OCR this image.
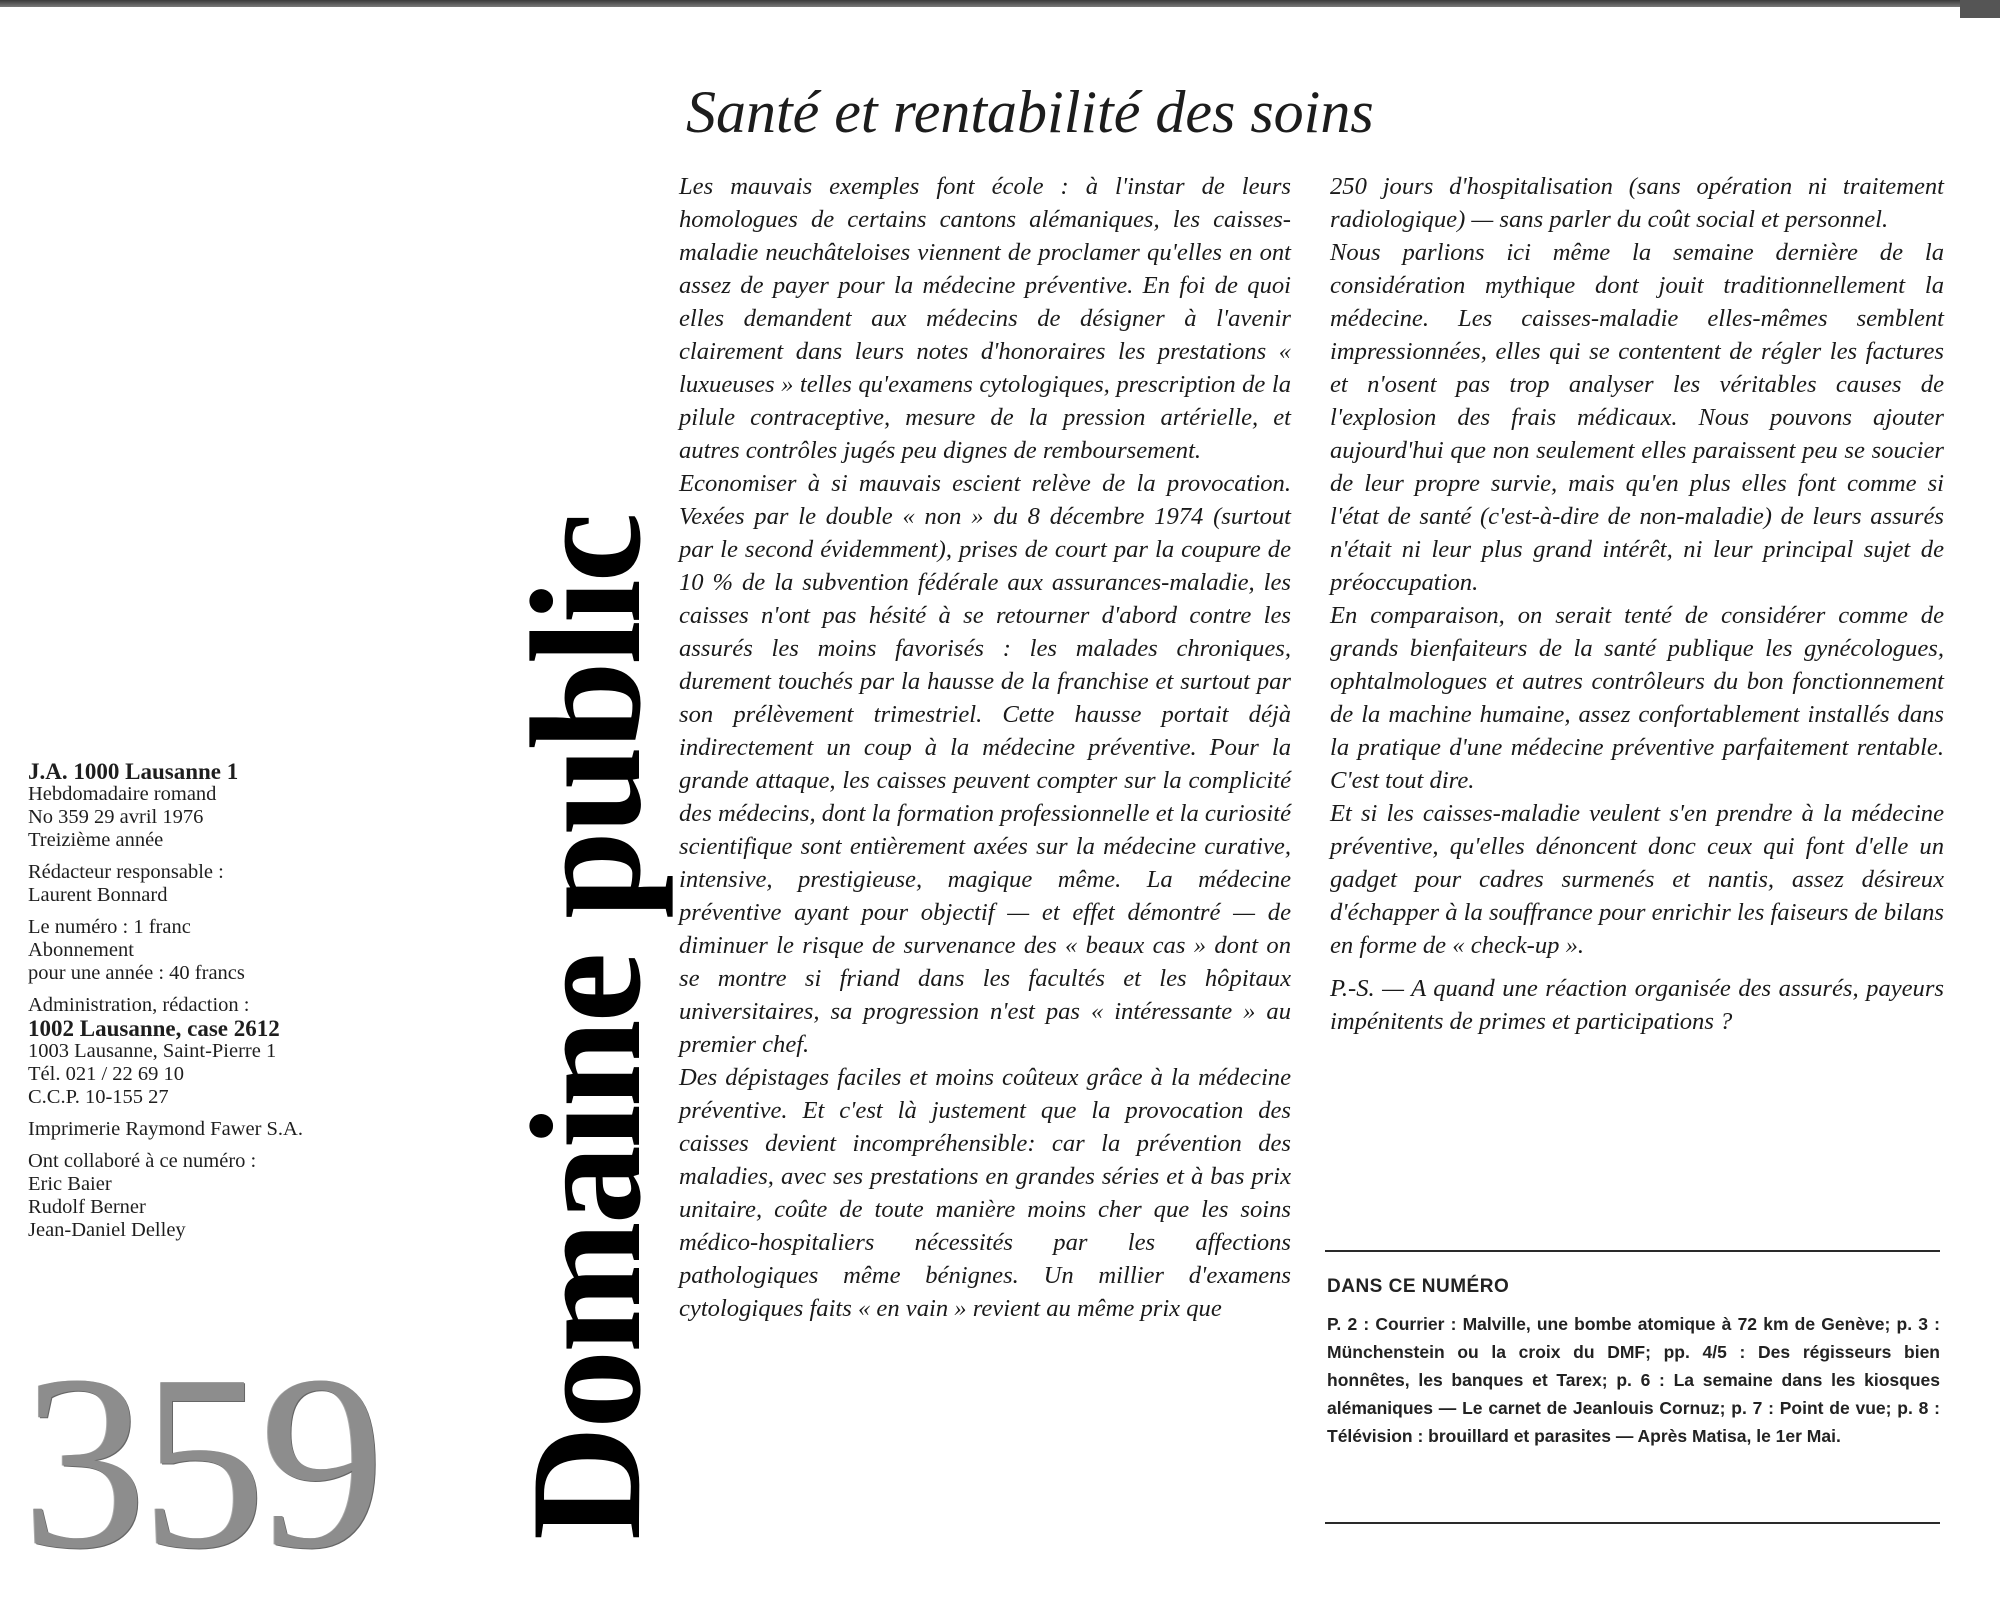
Santé et rentabilité des soins
Domaine public

J.A. 1000 Lausanne 1
Hebdomadaire romand
No 359 29 avril 1976
Treizième année

Rédacteur responsable :
Laurent Bonnard

Le numéro : 1 franc
Abonnement
pour une année : 40 francs

Administration, rédaction :
1002 Lausanne, case 2612
1003 Lausanne, Saint-Pierre 1
Tél. 021 / 22 69 10
C.C.P. 10-155 27

Imprimerie Raymond Fawer S.A.

Ont collaboré à ce numéro :
Eric Baier
Rudolf Berner
Jean-Daniel Delley

359

Les mauvais exemples font école : à l'instar de leurs homologues de certains cantons alémaniques, les caisses-maladie neuchâteloises viennent de proclamer qu'elles en ont assez de payer pour la médecine préventive. En foi de quoi elles demandent aux médecins de désigner à l'avenir clairement dans leurs notes d'honoraires les prestations « luxueuses » telles qu'examens cytologiques, prescription de la pilule contraceptive, mesure de la pression artérielle, et autres contrôles jugés peu dignes de remboursement.

Economiser à si mauvais escient relève de la provocation. Vexées par le double « non » du 8 décembre 1974 (surtout par le second évidemment), prises de court par la coupure de 10 % de la subvention fédérale aux assurances-maladie, les caisses n'ont pas hésité à se retourner d'abord contre les assurés les moins favorisés : les malades chroniques, durement touchés par la hausse de la franchise et surtout par son prélèvement trimestriel. Cette hausse portait déjà indirectement un coup à la médecine préventive. Pour la grande attaque, les caisses peuvent compter sur la complicité des médecins, dont la formation professionnelle et la curiosité scientifique sont entièrement axées sur la médecine curative, intensive, prestigieuse, magique même. La médecine préventive ayant pour objectif — et effet démontré — de diminuer le risque de survenance des « beaux cas » dont on se montre si friand dans les facultés et les hôpitaux universitaires, sa progression n'est pas « intéressante » au premier chef.

Des dépistages faciles et moins coûteux grâce à la médecine préventive. Et c'est là justement que la provocation des caisses devient incompréhensible: car la prévention des maladies, avec ses prestations en grandes séries et à bas prix unitaire, coûte de toute manière moins cher que les soins médico-hospitaliers nécessités par les affections pathologiques même bénignes. Un millier d'examens cytologiques faits « en vain » revient au même prix que

250 jours d'hospitalisation (sans opération ni traitement radiologique) — sans parler du coût social et personnel.

Nous parlions ici même la semaine dernière de la considération mythique dont jouit traditionnellement la médecine. Les caisses-maladie elles-mêmes semblent impressionnées, elles qui se contentent de régler les factures et n'osent pas trop analyser les véritables causes de l'explosion des frais médicaux. Nous pouvons ajouter aujourd'hui que non seulement elles paraissent peu se soucier de leur propre survie, mais qu'en plus elles font comme si l'état de santé (c'est-à-dire de non-maladie) de leurs assurés n'était ni leur plus grand intérêt, ni leur principal sujet de préoccupation.

En comparaison, on serait tenté de considérer comme de grands bienfaiteurs de la santé publique les gynécologues, ophtalmologues et autres contrôleurs du bon fonctionnement de la machine humaine, assez confortablement installés dans la pratique d'une médecine préventive parfaitement rentable. C'est tout dire.

Et si les caisses-maladie veulent s'en prendre à la médecine préventive, qu'elles dénoncent donc ceux qui font d'elle un gadget pour cadres surmenés et nantis, assez désireux d'échapper à la souffrance pour enrichir les faiseurs de bilans en forme de « check-up ».

P.-S. — A quand une réaction organisée des assurés, payeurs impénitents de primes et participations ?

DANS CE NUMÉRO
P. 2 : Courrier : Malville, une bombe atomique à 72 km de Genève; p. 3 : Münchenstein ou la croix du DMF; pp. 4/5 : Des régisseurs bien honnêtes, les banques et Tarex; p. 6 : La semaine dans les kiosques alémaniques — Le carnet de Jeanlouis Cornuz; p. 7 : Point de vue; p. 8 : Télévision : brouillard et parasites — Après Matisa, le 1er Mai.
